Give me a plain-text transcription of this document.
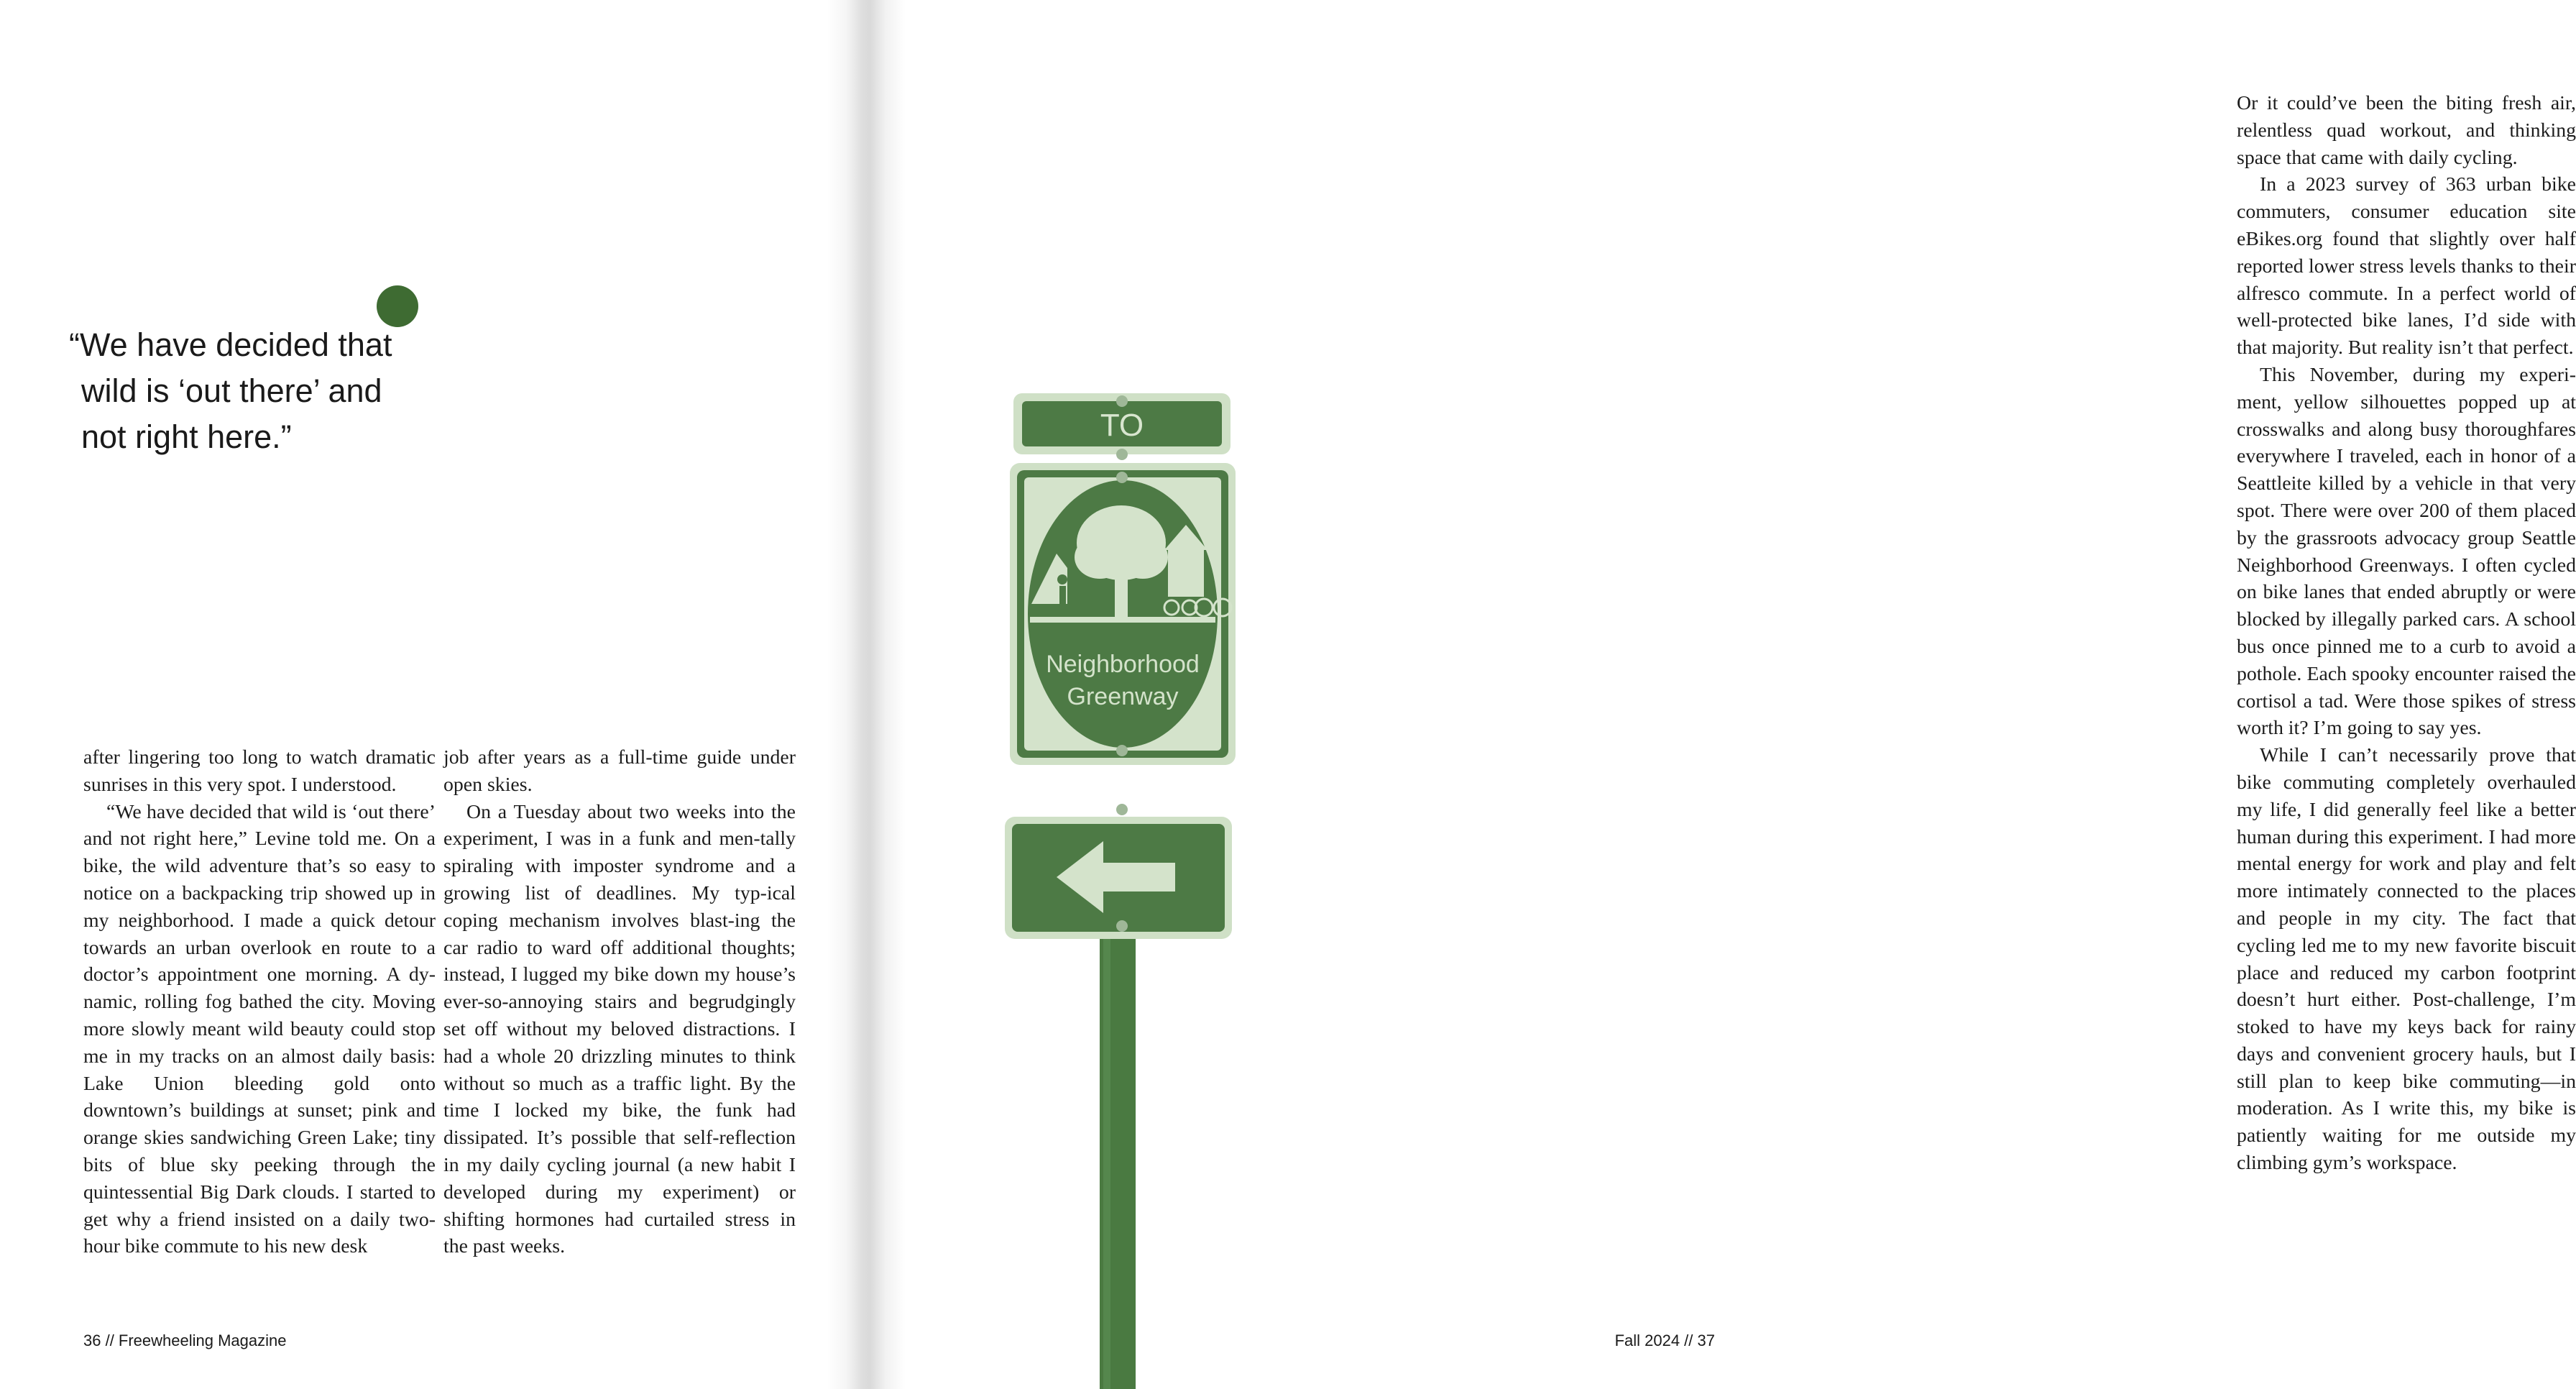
“We have decided that wild is ‘out there’ and not right here.”

after lingering too long to watch dramatic sunrises in this very spot. I understood.

“We have decided that wild is ‘out there’ and not right here,” Levine told me. On a bike, the wild adventure that’s so easy to notice on a backpacking trip showed up in my neighborhood. I made a quick detour towards an urban overlook en route to a doctor’s appointment one morning. A dy-namic, rolling fog bathed the city. Moving more slowly meant wild beauty could stop me in my tracks on an almost daily basis: Lake Union bleeding gold onto downtown’s buildings at sunset; pink and orange skies sandwiching Green Lake; tiny bits of blue sky peeking through the quintessential Big Dark clouds. I started to get why a friend insisted on a daily two-hour bike commute to his new desk

job after years as a full-time guide under open skies.

On a Tuesday about two weeks into the experiment, I was in a funk and men-tally spiraling with imposter syndrome and a growing list of deadlines. My typ-ical coping mechanism involves blast-ing the car radio to ward off additional thoughts; instead, I lugged my bike down my house’s ever-so-annoying stairs and begrudgingly set off without my beloved distractions. I had a whole 20 drizzling minutes to think without so much as a traffic light. By the time I locked my bike, the funk had dissipated. It’s possible that self-reflection in my daily cycling journal (a new habit I developed during my experiment) or shifting hormones had curtailed stress in the past weeks.

36 // Freewheeling Magazine

Or it could’ve been the biting fresh air, relentless quad workout, and thinking space that came with daily cycling.

In a 2023 survey of 363 urban bike commuters, consumer education site eBikes.org found that slightly over half reported lower stress levels thanks to their alfresco commute. In a perfect world of well-protected bike lanes, I’d side with that majority. But reality isn’t that perfect.

This November, during my experi-ment, yellow silhouettes popped up at crosswalks and along busy thoroughfares everywhere I traveled, each in honor of a Seattleite killed by a vehicle in that very spot. There were over 200 of them placed by the grassroots advocacy group Seattle Neighborhood Greenways. I often cycled on bike lanes that ended abruptly or were blocked by illegally parked cars. A school bus once pinned me to a curb to avoid a pothole. Each spooky encounter raised the cortisol a tad. Were those spikes of stress worth it? I’m going to say yes.

While I can’t necessarily prove that bike commuting completely overhauled my life, I did generally feel like a better human during this experiment. I had more mental energy for work and play and felt more intimately connected to the places and people in my city. The fact that cycling led me to my new favorite biscuit place and reduced my carbon footprint doesn’t hurt either. Post-challenge, I’m stoked to have my keys back for rainy days and convenient grocery hauls, but I still plan to keep bike commuting—in moderation. As I write this, my bike is patiently waiting for me outside my climbing gym’s workspace.

Fall 2024 // 37
TO
Neighborhood
Greenway
